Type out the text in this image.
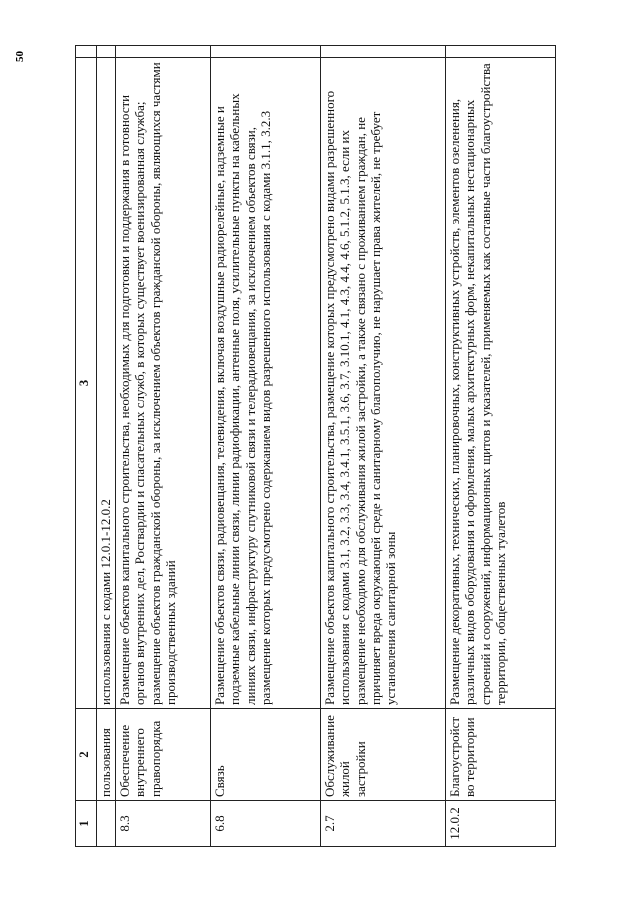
50
1	2	3	
	пользования	использования с кодами 12.0.1-12.0.2	
8.3	Обеспечение внутреннего правопорядка	Размещение объектов капитального строительства, необходимых для подготовки и поддержания в готовности органов внутренних дел, Росгвардии и спасательных служб, в которых существует военизированная служба; размещение объектов гражданской обороны, за исключением объектов гражданской обороны, являющихся частями производственных зданий	
6.8	Связь	Размещение объектов связи, радиовещания, телевидения, включая воздушные радиорелейные, надземные и подземные кабельные линии связи, линии радиофикации, антенные поля, усилительные пункты на кабельных линиях связи, инфраструктуру спутниковой связи и телерадиовещания, за исключением объектов связи, размещение которых предусмотрено содержанием видов разрешенного использования с кодами 3.1.1, 3.2.3	
2.7	Обслуживание жилой застройки	Размещение объектов капитального строительства, размещение которых предусмотрено видами разрешенного использования с кодами 3.1, 3.2, 3.3, 3.4, 3.4.1, 3.5.1, 3.6, 3.7, 3.10.1, 4.1, 4.3, 4.4, 4.6, 5.1.2, 5.1.3, если их размещение необходимо для обслуживания жилой застройки, а также связано с проживанием граждан, не причиняет вреда окружающей среде и санитарному благополучию, не нарушает права жителей, не требует установления санитарной зоны	
12.0.2	Благоустройство территории	Размещение декоративных, технических, планировочных, конструктивных устройств, элементов озеленения, различных видов оборудования и оформления, малых архитектурных форм, некапитальных нестационарных строений и сооружений, информационных щитов и указателей, применяемых как составные части благоустройства территории, общественных туалетов	
